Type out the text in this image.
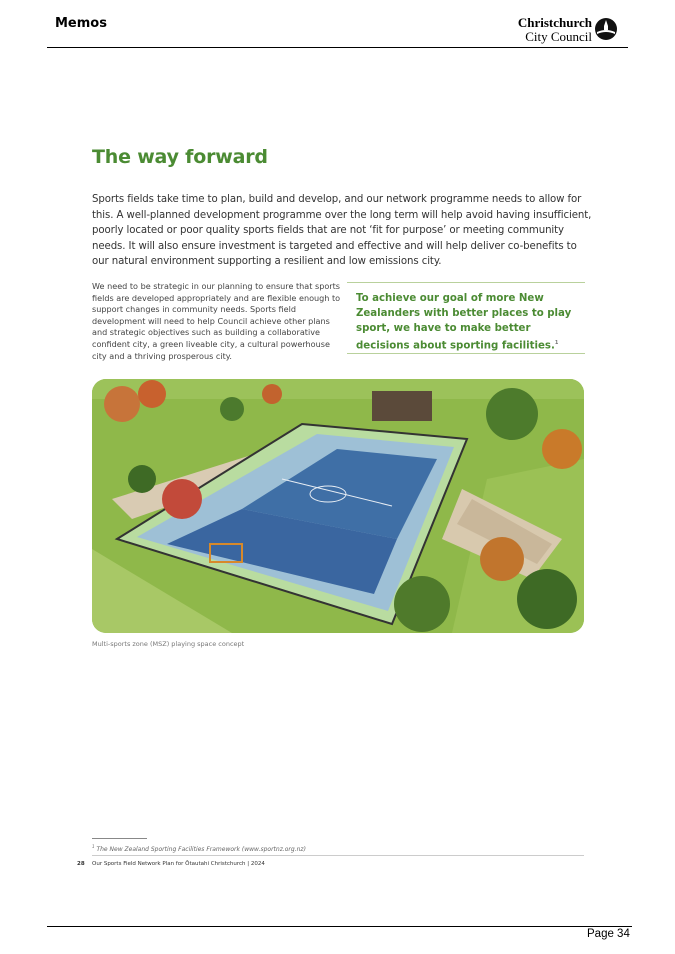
Memos	Christchurch
City Council
The way forward
Sports fields take time to plan, build and develop, and our network programme needs to allow for this. A well-planned development programme over the long term will help avoid having insufficient, poorly located or poor quality sports fields that are not ‘fit for purpose’ or meeting community needs. It will also ensure investment is targeted and effective and will help deliver co-benefits to our natural environment supporting a resilient and low emissions city.
We need to be strategic in our planning to ensure that sports fields are developed appropriately and are flexible enough to support changes in community needs. Sports field development will need to help Council achieve other plans and strategic objectives such as building a collaborative confident city, a green liveable city, a cultural powerhouse city and a thriving prosperous city.
To achieve our goal of more New Zealanders with better places to play sport, we have to make better decisions about sporting facilities.$^1$
Multi-sports zone (MSZ) playing space concept
$^1$ The New Zealand Sporting Facilities Framework (www.sportnz.org.nz)
28 Our Sports Field Network Plan for Ōtautahi Christchurch | 2024
Page 34
